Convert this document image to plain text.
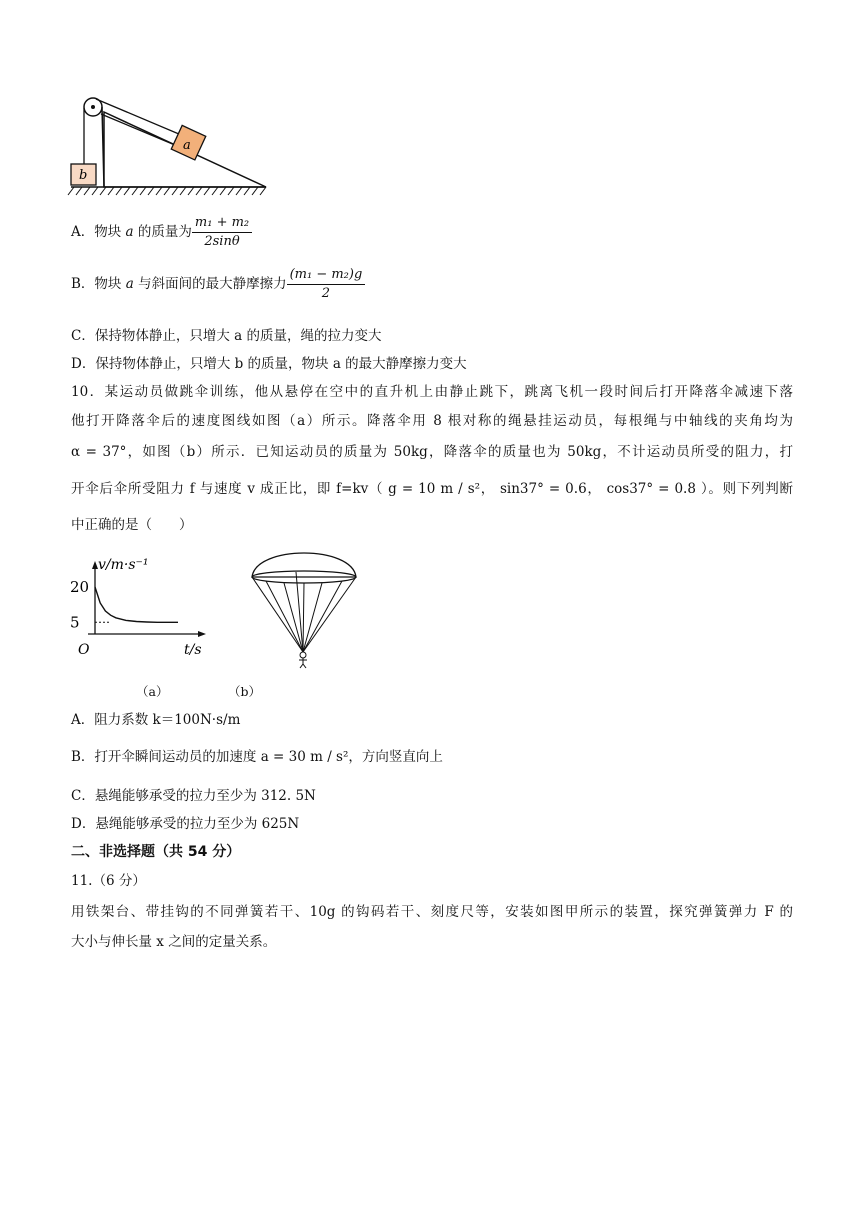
a
b
A．物块 a 的质量为 $\frac{\text{m₁ + m₂}}{2\sin\theta}$
B．物块 a 与斜面间的最大静摩擦力 $\frac{\text{(m₁ − m₂)g}}{2}$
C．保持物体静止，只增大 a 的质量，绳的拉力变大
D．保持物体静止，只增大 b 的质量，物块 a 的最大静摩擦力变大
10．某运动员做跳伞训练，他从悬停在空中的直升机上由静止跳下，跳离飞机一段时间后打开降落伞减速下落
他打开降落伞后的速度图线如图（a）所示。降落伞用 8 根对称的绳悬挂运动员，每根绳与中轴线的夹角均为
α = 37°，如图（b）所示．已知运动员的质量为 50kg，降落伞的质量也为 50kg，不计运动员所受的阻力，打
开伞后伞所受阻力 f 与速度 v 成正比，即 f=kv（ g = 10 m / s²， sin37° = 0.6， cos37° = 0.8 ）。则下列判断
中正确的是（　　）
v/m·s⁻¹
t/s
O
20
5
（a）	（b）
A．阻力系数 k＝100N·s/m
B．打开伞瞬间运动员的加速度 a = 30 m / s²，方向竖直向上
C．悬绳能够承受的拉力至少为 312. 5N
D．悬绳能够承受的拉力至少为 625N
二、非选择题（共 54 分）
11.（6 分）
用铁架台、带挂钩的不同弹簧若干、10g 的钩码若干、刻度尺等，安装如图甲所示的装置，探究弹簧弹力 F 的
大小与伸长量 x 之间的定量关系。
